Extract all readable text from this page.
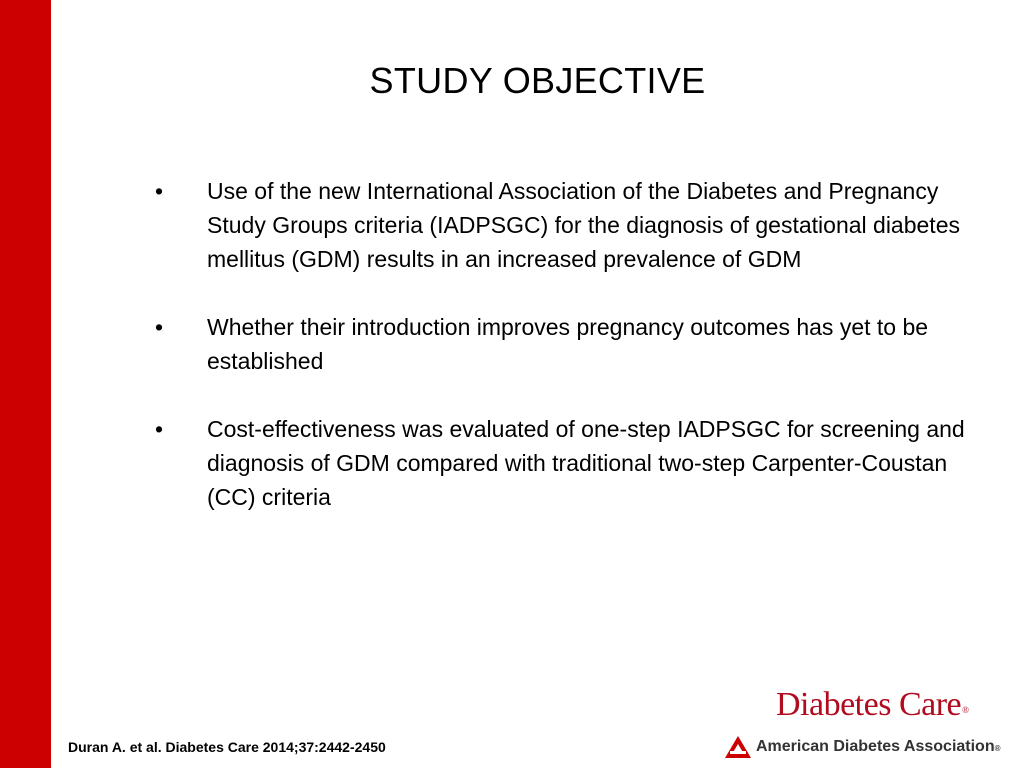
STUDY OBJECTIVE
• Use of the new International Association of the Diabetes and Pregnancy Study Groups criteria (IADPSGC) for the diagnosis of gestational diabetes mellitus (GDM) results in an increased prevalence of GDM
• Whether their introduction improves pregnancy outcomes has yet to be established
• Cost-effectiveness was evaluated of one-step IADPSGC for screening and diagnosis of GDM compared with traditional two-step Carpenter-Coustan (CC) criteria
Duran A. et al. Diabetes Care 2014;37:2442-2450
Diabetes Care®
American Diabetes Association®
